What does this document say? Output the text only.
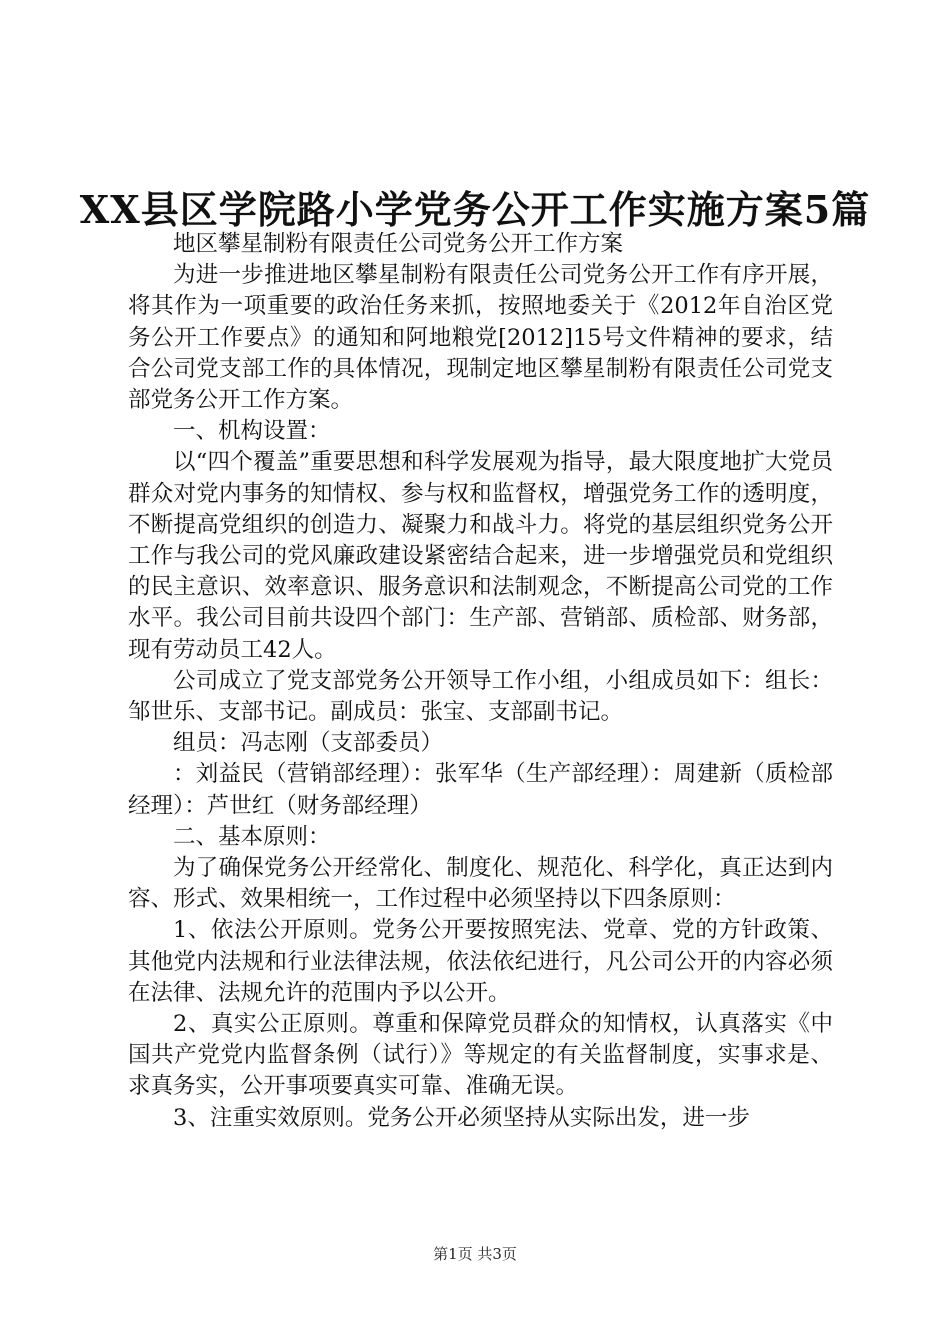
XX县区学院路小学党务公开工作实施方案5篇

地区攀星制粉有限责任公司党务公开工作方案

为进一步推进地区攀星制粉有限责任公司党务公开工作有序开展，将其作为一项重要的政治任务来抓，按照地委关于《2012年自治区党务公开工作要点》的通知和阿地粮党[2012]15号文件精神的要求，结合公司党支部工作的具体情况，现制定地区攀星制粉有限责任公司党支部党务公开工作方案。

一、机构设置：

以“四个覆盖”重要思想和科学发展观为指导，最大限度地扩大党员群众对党内事务的知情权、参与权和监督权，增强党务工作的透明度，不断提高党组织的创造力、凝聚力和战斗力。将党的基层组织党务公开工作与我公司的党风廉政建设紧密结合起来，进一步增强党员和党组织的民主意识、效率意识、服务意识和法制观念，不断提高公司党的工作水平。我公司目前共设四个部门：生产部、营销部、质检部、财务部，现有劳动员工42人。

公司成立了党支部党务公开领导工作小组，小组成员如下：组长：邹世乐、支部书记。副成员：张宝、支部副书记。

组员：冯志刚（支部委员）

：刘益民（营销部经理）：张军华（生产部经理）：周建新（质检部经理）：芦世红（财务部经理）

二、基本原则：

为了确保党务公开经常化、制度化、规范化、科学化，真正达到内容、形式、效果相统一，工作过程中必须坚持以下四条原则：

1、依法公开原则。党务公开要按照宪法、党章、党的方针政策、其他党内法规和行业法律法规，依法依纪进行，凡公司公开的内容必须在法律、法规允许的范围内予以公开。

2、真实公正原则。尊重和保障党员群众的知情权，认真落实《中国共产党党内监督条例（试行）》等规定的有关监督制度，实事求是、求真务实，公开事项要真实可靠、准确无误。

3、注重实效原则。党务公开必须坚持从实际出发，进一步

第1页 共3页
